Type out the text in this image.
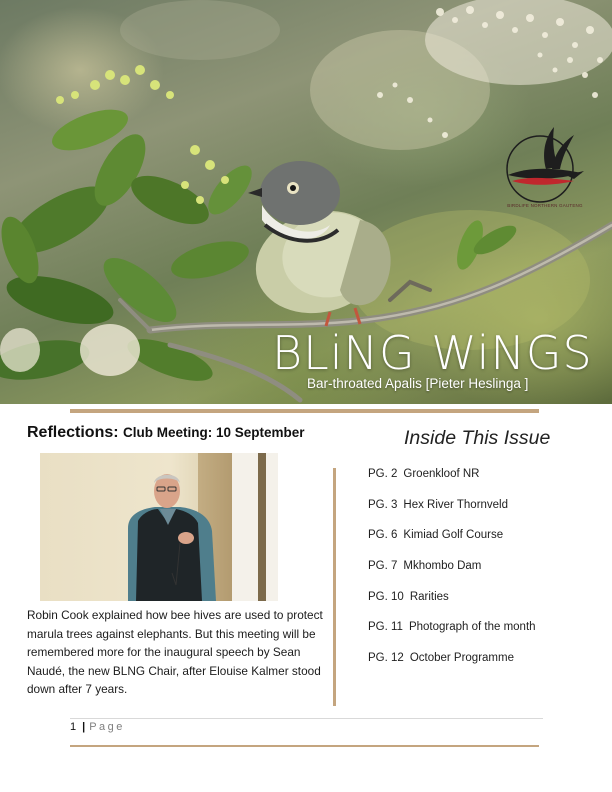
BIRDLIFE NORTHERN GAUTENG
BLiNG WiNGS
Bar-throated Apalis [Pieter Heslinga ]
Reflections: Club Meeting: 10 September

Robin Cook explained how bee hives are used to protect marula trees against elephants. But this meeting will be remembered more for the inaugural speech by Sean Naudé, the new BLNG Chair, after Elouise Kalmer stood down after 7 years.

Inside This Issue
PG. 2 Groenkloof NR
PG. 3 Hex River Thornveld
PG. 6 Kimiad Golf Course
PG. 7 Mkhombo Dam
PG. 10 Rarities
PG. 11 Photograph of the month
PG. 12 October Programme
1 | Page
